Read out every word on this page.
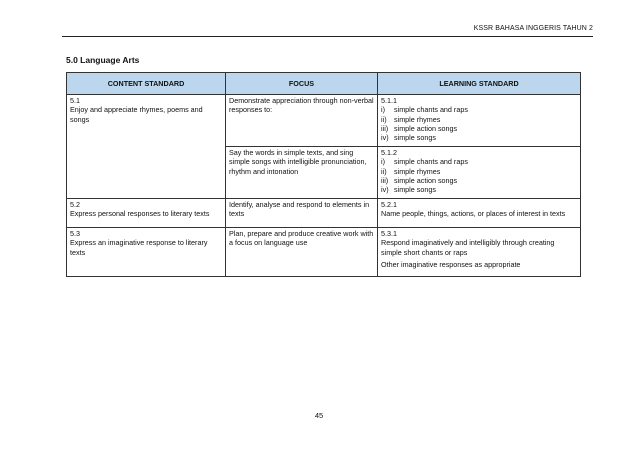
KSSR BAHASA INGGERIS TAHUN 2
5.0 Language Arts
CONTENT STANDARD	FOCUS	LEARNING STANDARD

5.1
Enjoy and appreciate rhymes, poems and songs	Demonstrate appreciation through non-verbal responses to:	5.1.1
i) simple chants and raps
ii) simple rhymes
iii) simple action songs
iv) simple songs

	Say the words in simple texts, and sing simple songs with intelligible pronunciation, rhythm and intonation	5.1.2
i) simple chants and raps
ii) simple rhymes
iii) simple action songs
iv) simple songs

5.2
Express personal responses to literary texts	Identify, analyse and respond to elements in texts	5.2.1
Name people, things, actions, or places of interest in texts

5.3
Express an imaginative response to literary texts	Plan, prepare and produce creative work with a focus on language use	5.3.1
Respond imaginatively and intelligibly through creating simple short chants or raps
Other imaginative responses as appropriate
45
